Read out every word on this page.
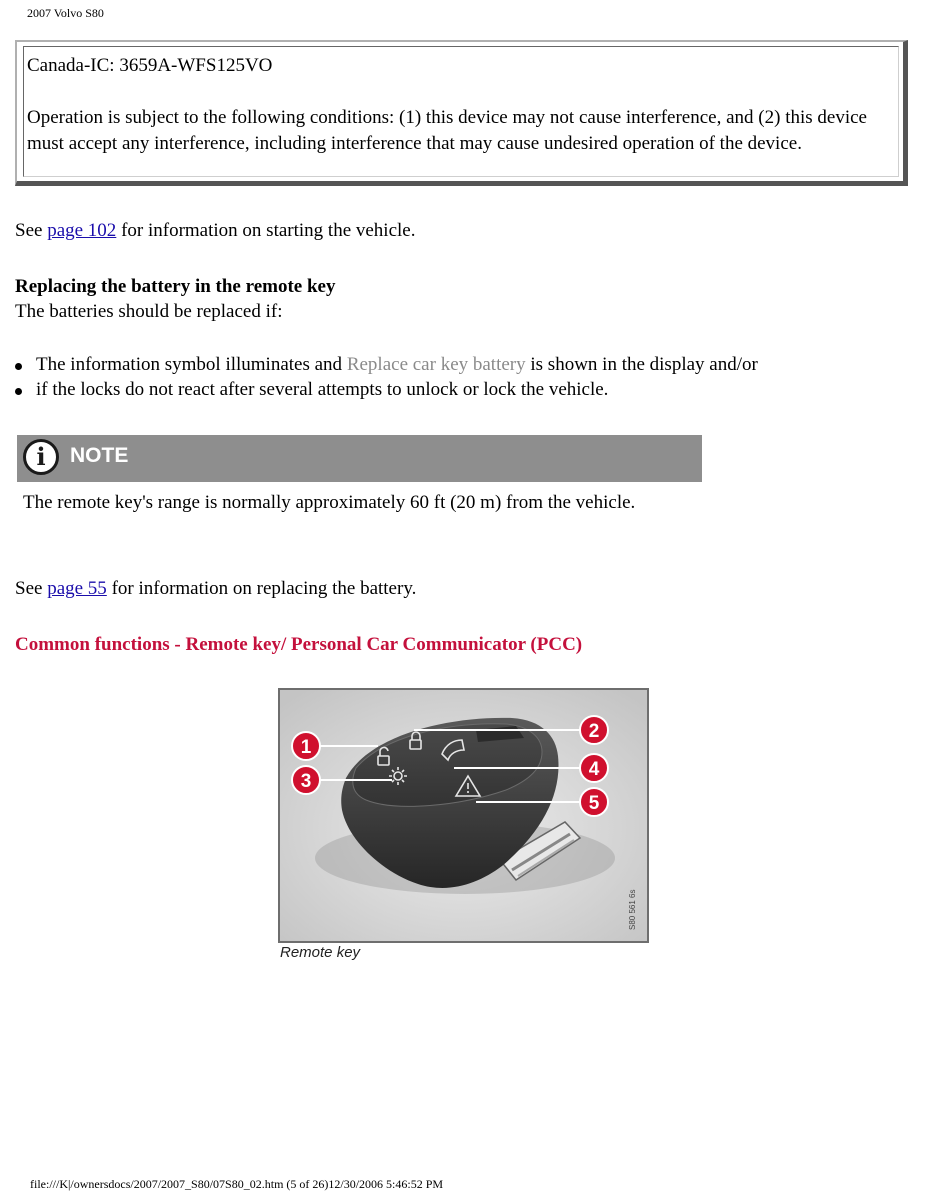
2007 Volvo S80

Canada-IC: 3659A-WFS125VO

Operation is subject to the following conditions: (1) this device may not cause interference, and (2) this device must accept any interference, including interference that may cause undesired operation of the device.

See page 102 for information on starting the vehicle.
Replacing the battery in the remote key
The batteries should be replaced if:
The information symbol illuminates and Replace car key battery is shown in the display and/or
if the locks do not react after several attempts to unlock or lock the vehicle.
i	NOTE
The remote key's range is normally approximately 60 ft (20 m) from the vehicle.
See page 55 for information on replacing the battery.
Common functions - Remote key/ Personal Car Communicator (PCC)
1
2
3
4
5
S80 561 6s
Remote key
file:///K|/ownersdocs/2007/2007_S80/07S80_02.htm (5 of 26)12/30/2006 5:46:52 PM
